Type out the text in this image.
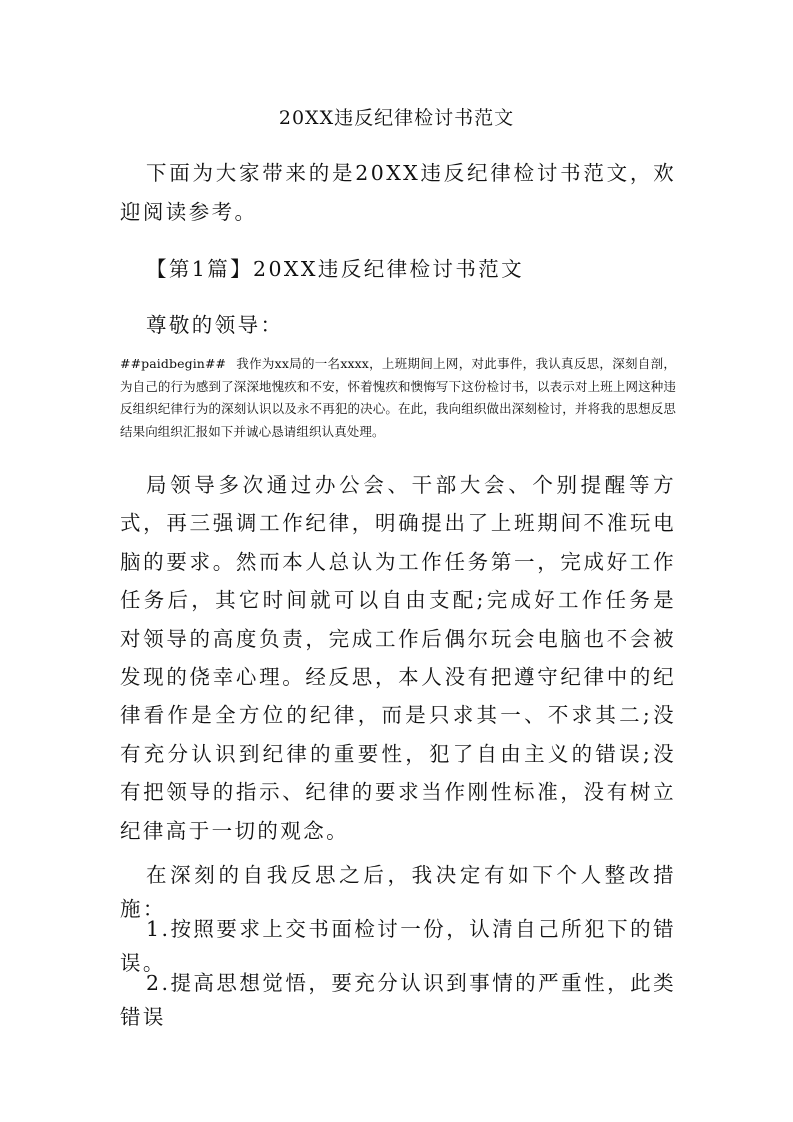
20XX违反纪律检讨书范文

下面为大家带来的是20XX违反纪律检讨书范文，欢迎阅读参考。

【第1篇】20XX违反纪律检讨书范文

尊敬的领导：

##paidbegin## 我作为xx局的一名xxxx，上班期间上网，对此事件，我认真反思，深刻自剖，为自己的行为感到了深深地愧疚和不安，怀着愧疚和懊悔写下这份检讨书，以表示对上班上网这种违反组织纪律行为的深刻认识以及永不再犯的决心。在此，我向组织做出深刻检讨，并将我的思想反思结果向组织汇报如下并诚心恳请组织认真处理。

局领导多次通过办公会、干部大会、个别提醒等方式，再三强调工作纪律，明确提出了上班期间不准玩电脑的要求。然而本人总认为工作任务第一，完成好工作任务后，其它时间就可以自由支配;完成好工作任务是对领导的高度负责，完成工作后偶尔玩会电脑也不会被发现的侥幸心理。经反思，本人没有把遵守纪律中的纪律看作是全方位的纪律，而是只求其一、不求其二;没有充分认识到纪律的重要性，犯了自由主义的错误;没有把领导的指示、纪律的要求当作刚性标准，没有树立纪律高于一切的观念。

在深刻的自我反思之后，我决定有如下个人整改措施：

1.按照要求上交书面检讨一份，认清自己所犯下的错误。

2.提高思想觉悟，要充分认识到事情的严重性，此类错误
